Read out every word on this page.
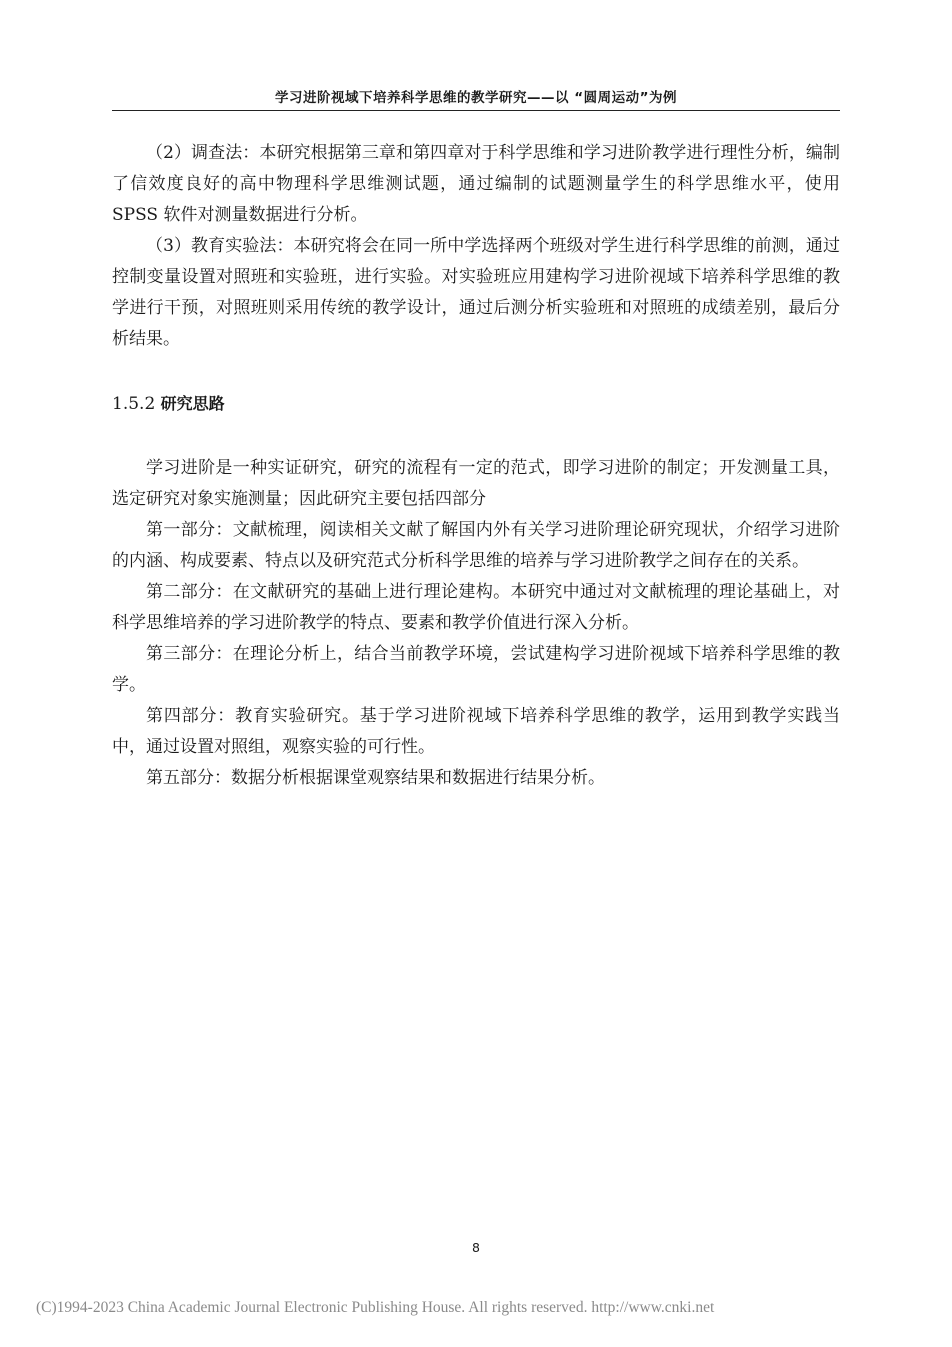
学习进阶视域下培养科学思维的教学研究——以 “圆周运动”为例

（2）调查法：本研究根据第三章和第四章对于科学思维和学习进阶教学进行理性分析，编制了信效度良好的高中物理科学思维测试题，通过编制的试题测量学生的科学思维水平，使用 SPSS 软件对测量数据进行分析。

（3）教育实验法：本研究将会在同一所中学选择两个班级对学生进行科学思维的前测，通过控制变量设置对照班和实验班，进行实验。对实验班应用建构学习进阶视域下培养科学思维的教学进行干预，对照班则采用传统的教学设计，通过后测分析实验班和对照班的成绩差别，最后分析结果。

1.5.2 研究思路

学习进阶是一种实证研究，研究的流程有一定的范式，即学习进阶的制定；开发测量工具，选定研究对象实施测量；因此研究主要包括四部分

第一部分：文献梳理，阅读相关文献了解国内外有关学习进阶理论研究现状，介绍学习进阶的内涵、构成要素、特点以及研究范式分析科学思维的培养与学习进阶教学之间存在的关系。

第二部分：在文献研究的基础上进行理论建构。本研究中通过对文献梳理的理论基础上，对科学思维培养的学习进阶教学的特点、要素和教学价值进行深入分析。

第三部分：在理论分析上，结合当前教学环境，尝试建构学习进阶视域下培养科学思维的教学。

第四部分：教育实验研究。基于学习进阶视域下培养科学思维的教学，运用到教学实践当中，通过设置对照组，观察实验的可行性。

第五部分：数据分析根据课堂观察结果和数据进行结果分析。

8
(C)1994-2023 China Academic Journal Electronic Publishing House. All rights reserved. http://www.cnki.net
